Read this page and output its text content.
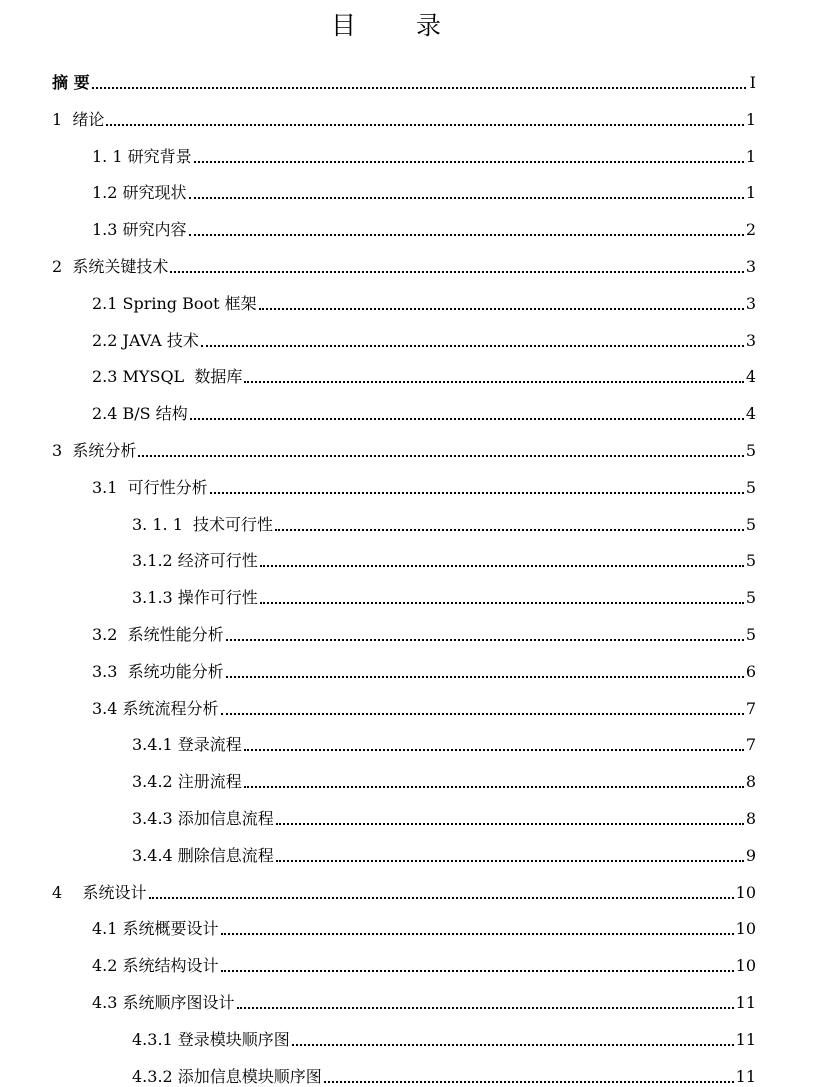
目 录
摘 要	I
1  绪论	1
1. 1 研究背景	1
1.2 研究现状	1
1.3 研究内容	2
2  系统关键技术	3
2.1 Spring Boot 框架	3
2.2 JAVA 技术	3
2.3 MYSQL  数据库	4
2.4 B/S 结构	4
3  系统分析	5
3.1  可行性分析	5
3. 1. 1  技术可行性	5
3.1.2 经济可行性	5
3.1.3 操作可行性	5
3.2  系统性能分析	5
3.3  系统功能分析	6
3.4 系统流程分析	7
3.4.1 登录流程	7
3.4.2 注册流程	8
3.4.3 添加信息流程	8
3.4.4 删除信息流程	9
4    系统设计	10
4.1 系统概要设计	10
4.2 系统结构设计	10
4.3 系统顺序图设计	11
4.3.1 登录模块顺序图	11
4.3.2 添加信息模块顺序图	11
